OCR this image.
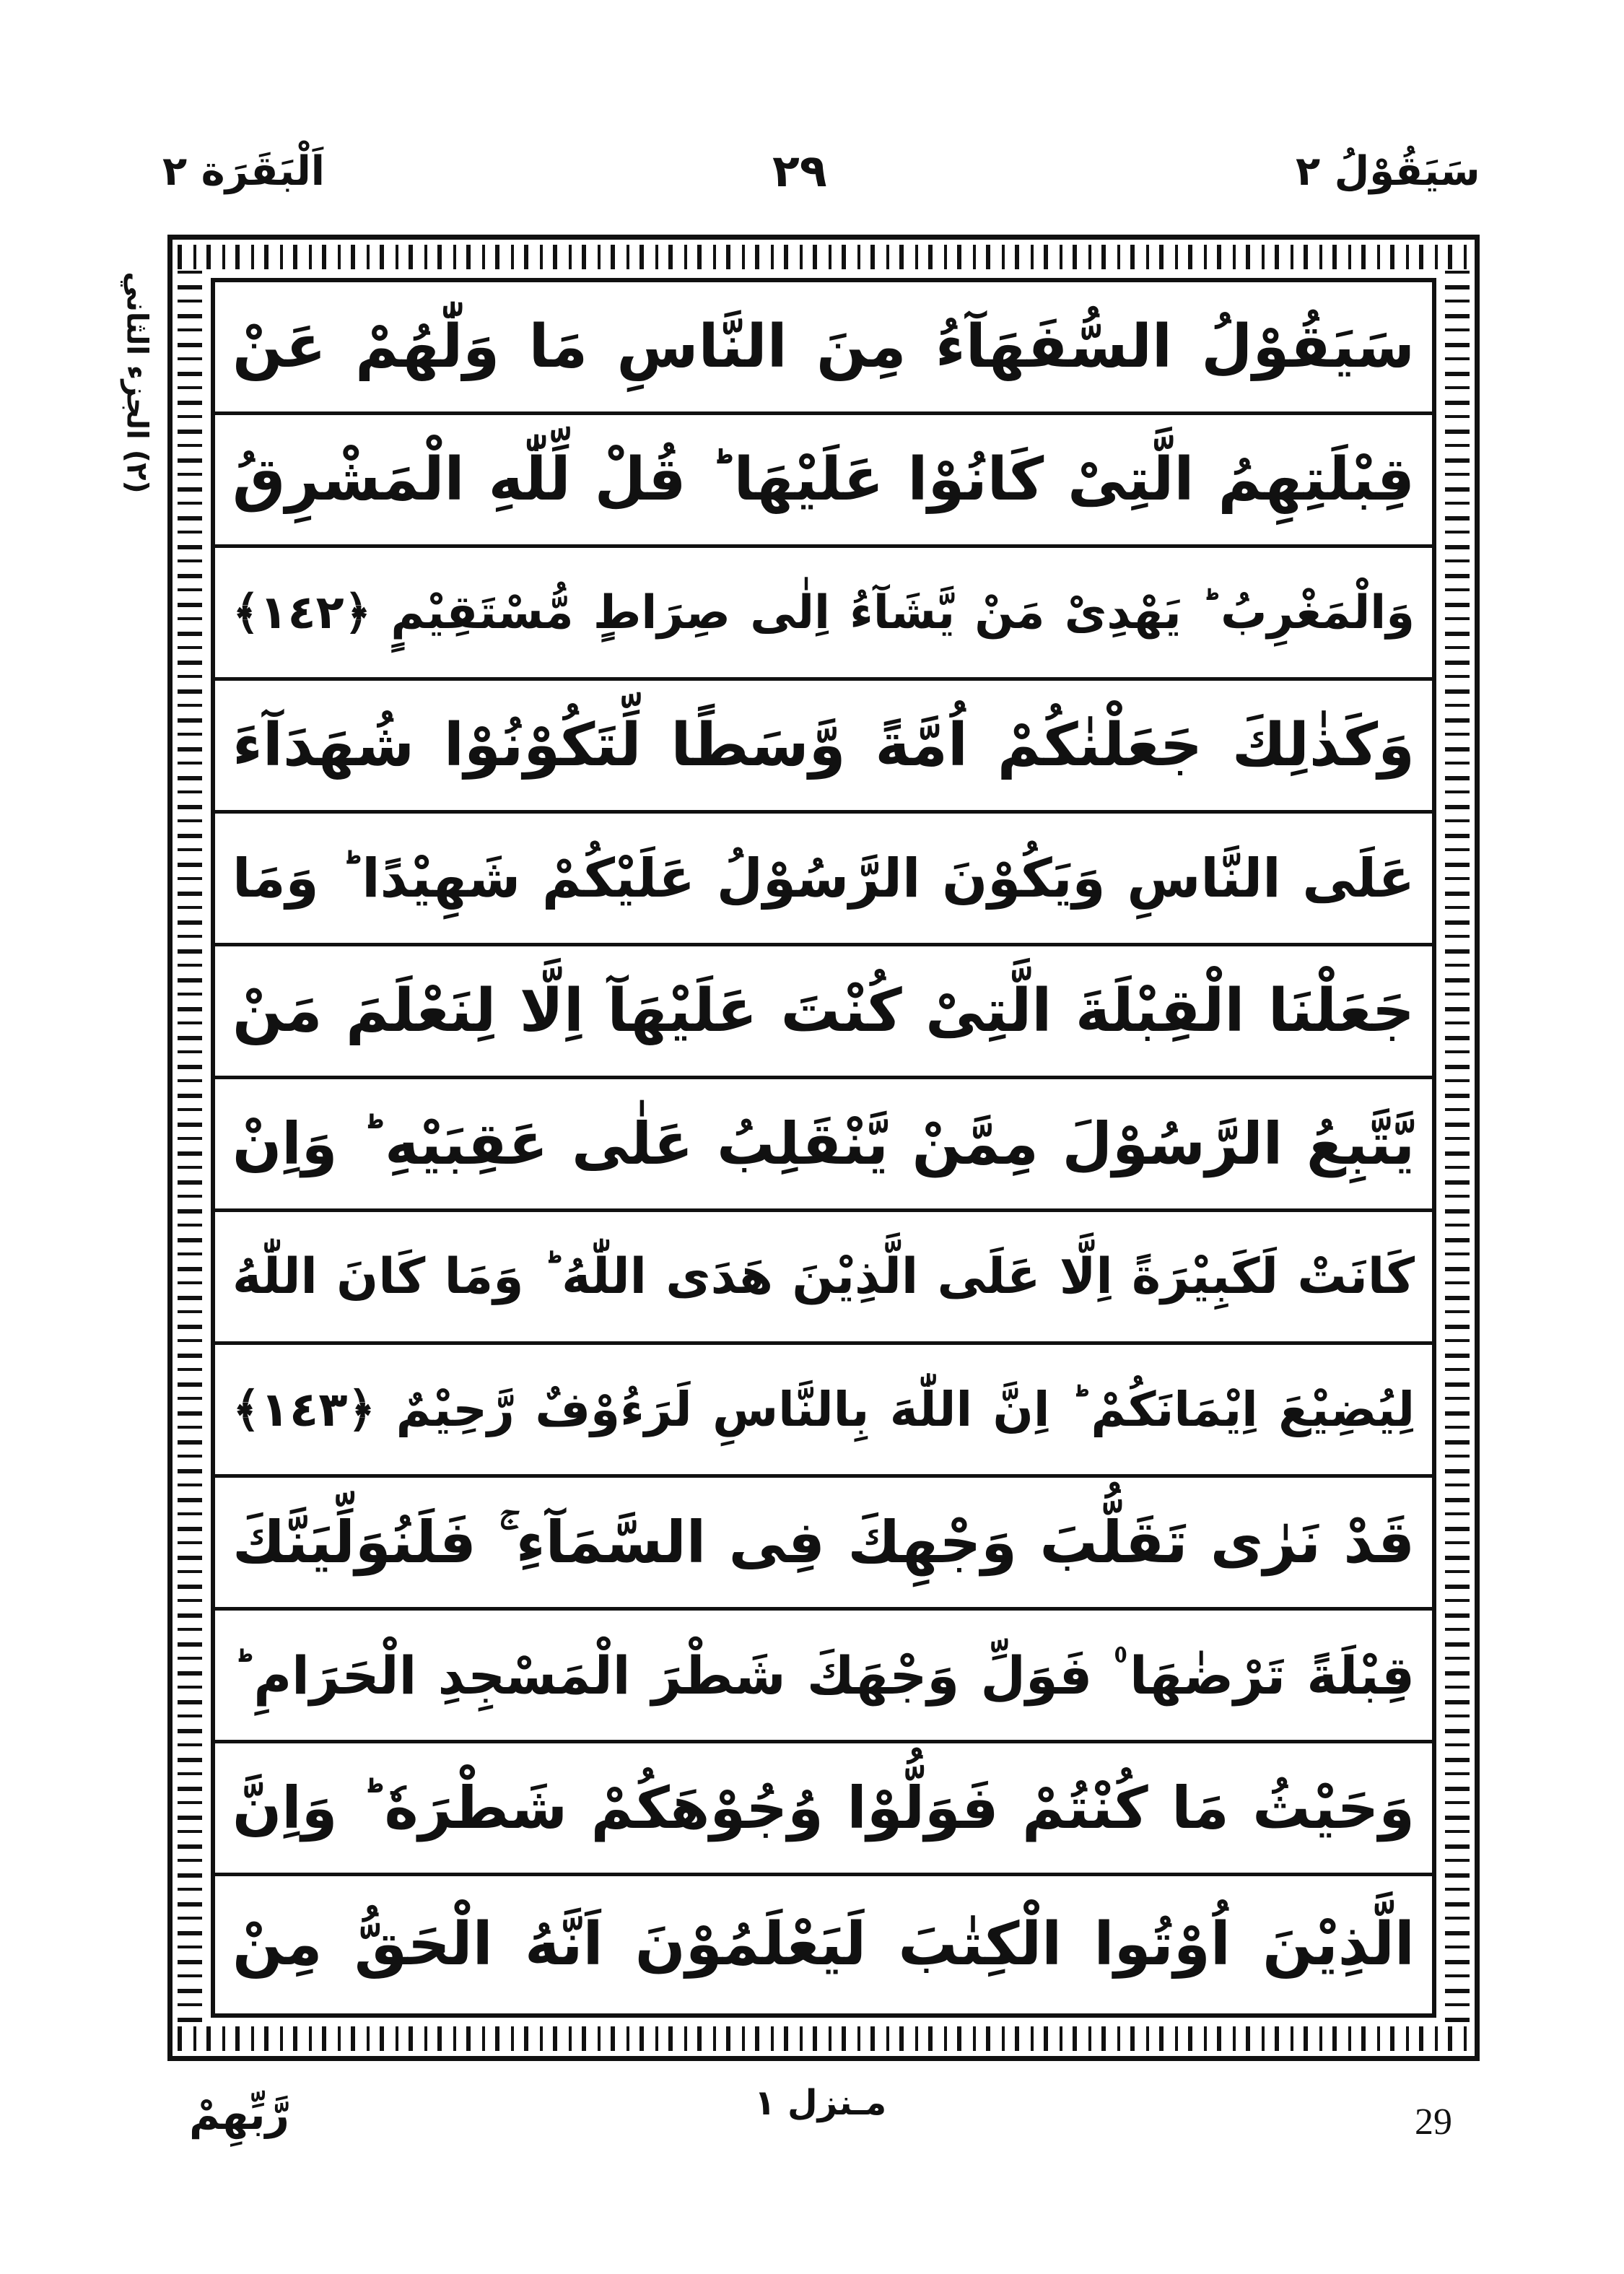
اَلْبَقَرَة ٢	٢٩	سَيَقُوْلُ ٢
(٢) الجزء الثاني
سَيَقُوْلُ السُّفَهَآءُ مِنَ النَّاسِ مَا وَلّٰهُمْ عَنْ
قِبْلَتِهِمُ الَّتِىْ كَانُوْا عَلَيْهَا ؕ قُلْ لِّلّٰهِ الْمَشْرِقُ
وَالْمَغْرِبُ ؕ يَهْدِىْ مَنْ يَّشَآءُ اِلٰى صِرَاطٍ مُّسْتَقِيْمٍ ﴿١٤٢﴾
وَكَذٰلِكَ جَعَلْنٰكُمْ اُمَّةً وَّسَطًا لِّتَكُوْنُوْا شُهَدَآءَ
عَلَى النَّاسِ وَيَكُوْنَ الرَّسُوْلُ عَلَيْكُمْ شَهِيْدًا ؕ وَمَا
جَعَلْنَا الْقِبْلَةَ الَّتِىْ كُنْتَ عَلَيْهَآ اِلَّا لِنَعْلَمَ مَنْ
يَّتَّبِعُ الرَّسُوْلَ مِمَّنْ يَّنْقَلِبُ عَلٰى عَقِبَيْهِ ؕ وَاِنْ
كَانَتْ لَكَبِيْرَةً اِلَّا عَلَى الَّذِيْنَ هَدَى اللّٰهُ ؕ وَمَا كَانَ اللّٰهُ
لِيُضِيْعَ اِيْمَانَكُمْ ؕ اِنَّ اللّٰهَ بِالنَّاسِ لَرَءُوْفٌ رَّحِيْمٌ ﴿١٤٣﴾
قَدْ نَرٰى تَقَلُّبَ وَجْهِكَ فِى السَّمَآءِ ۚ فَلَنُوَلِّيَنَّكَ
قِبْلَةً تَرْضٰهَا ۠ فَوَلِّ وَجْهَكَ شَطْرَ الْمَسْجِدِ الْحَرَامِ ؕ
وَحَيْثُ مَا كُنْتُمْ فَوَلُّوْا وُجُوْهَكُمْ شَطْرَهٗ ؕ وَاِنَّ
الَّذِيْنَ اُوْتُوا الْكِتٰبَ لَيَعْلَمُوْنَ اَنَّهُ الْحَقُّ مِنْ
رَّبِّهِمْ	مـنزل ١	29
